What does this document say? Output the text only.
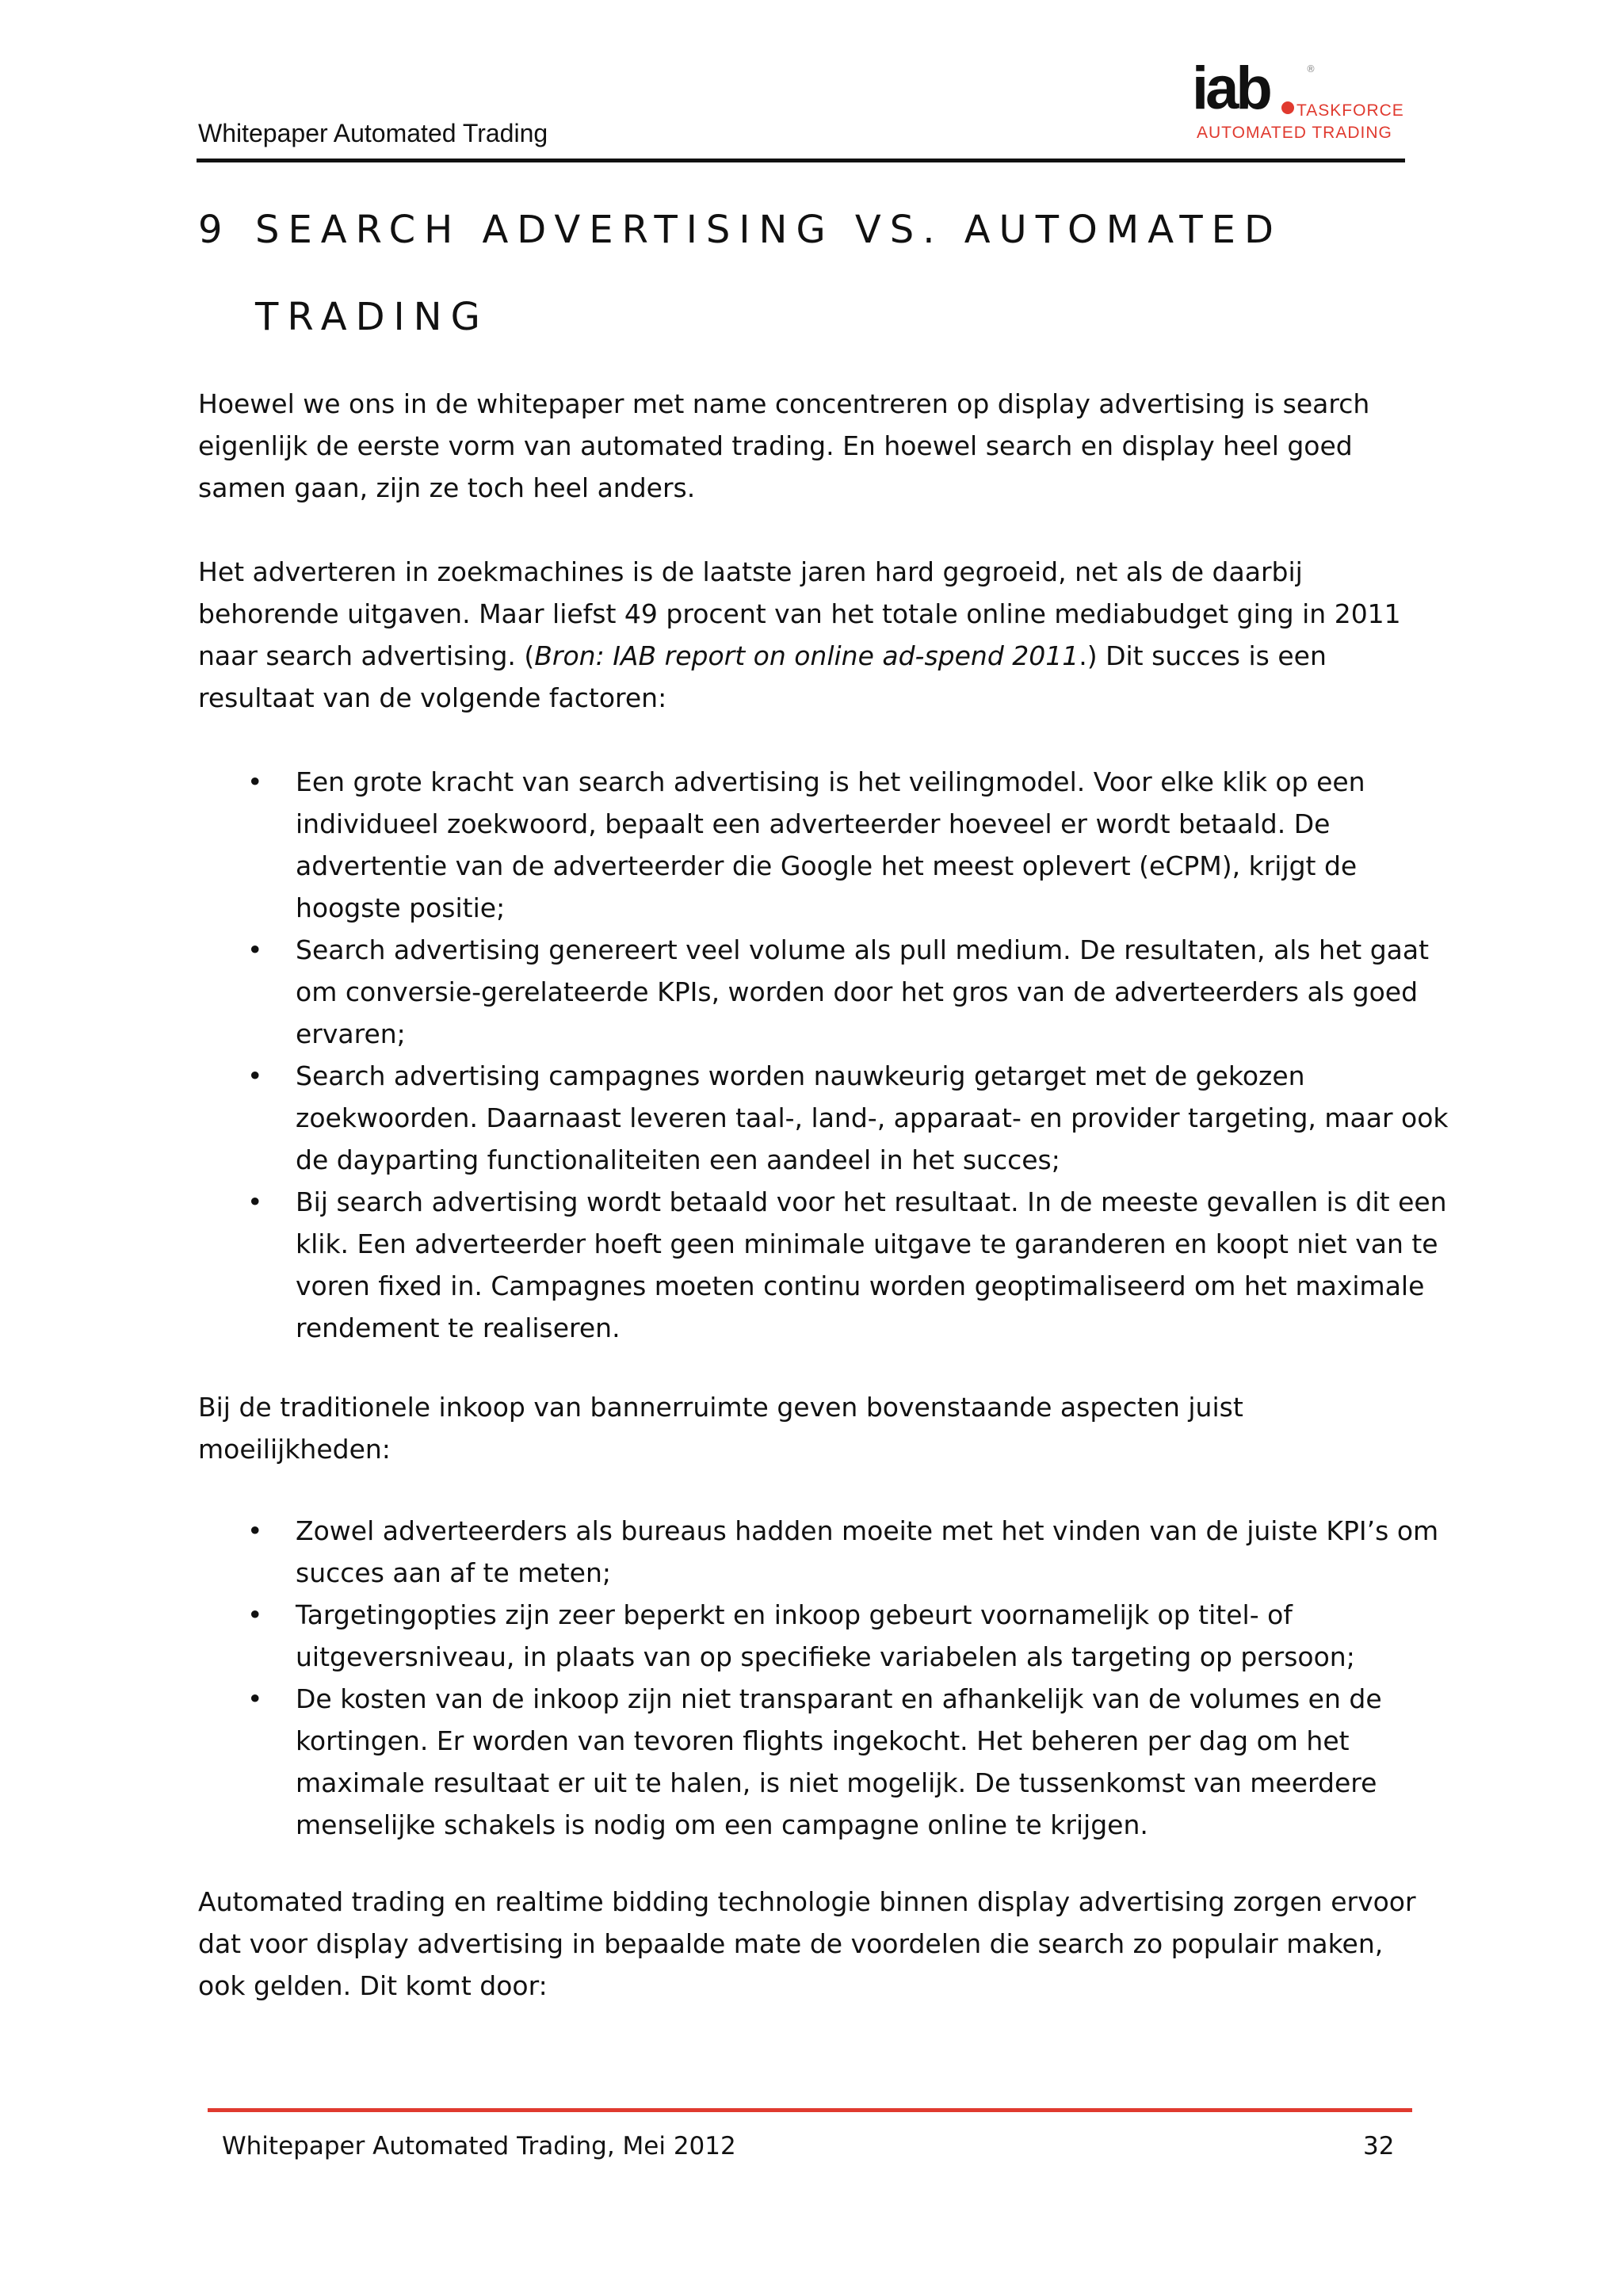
Whitepaper Automated Trading
iab	®
TASKFORCE
AUTOMATED TRADING
9 SEARCH ADVERTISING VS. AUTOMATED
TRADING

Hoewel we ons in de whitepaper met name concentreren op display advertising is search eigenlijk de eerste vorm van automated trading. En hoewel search en display heel goed samen gaan, zijn ze toch heel anders.

Het adverteren in zoekmachines is de laatste jaren hard gegroeid, net als de daarbij behorende uitgaven. Maar liefst 49 procent van het totale online mediabudget ging in 2011 naar search advertising. (Bron: IAB report on online ad-spend 2011.) Dit succes is een resultaat van de volgende factoren:

• Een grote kracht van search advertising is het veilingmodel. Voor elke klik op een individueel zoekwoord, bepaalt een adverteerder hoeveel er wordt betaald. De advertentie van de adverteerder die Google het meest oplevert (eCPM), krijgt de hoogste positie;
• Search advertising genereert veel volume als pull medium. De resultaten, als het gaat om conversie-gerelateerde KPIs, worden door het gros van de adverteerders als goed ervaren;
• Search advertising campagnes worden nauwkeurig getarget met de gekozen zoekwoorden. Daarnaast leveren taal-, land-, apparaat- en provider targeting, maar ook de dayparting functionaliteiten een aandeel in het succes;
• Bij search advertising wordt betaald voor het resultaat. In de meeste gevallen is dit een klik. Een adverteerder hoeft geen minimale uitgave te garanderen en koopt niet van te voren fixed in. Campagnes moeten continu worden geoptimaliseerd om het maximale rendement te realiseren.

Bij de traditionele inkoop van bannerruimte geven bovenstaande aspecten juist moeilijkheden:

• Zowel adverteerders als bureaus hadden moeite met het vinden van de juiste KPI’s om succes aan af te meten;
• Targetingopties zijn zeer beperkt en inkoop gebeurt voornamelijk op titel- of uitgeversniveau, in plaats van op specifieke variabelen als targeting op persoon;
• De kosten van de inkoop zijn niet transparant en afhankelijk van de volumes en de kortingen. Er worden van tevoren flights ingekocht. Het beheren per dag om het maximale resultaat er uit te halen, is niet mogelijk. De tussenkomst van meerdere menselijke schakels is nodig om een campagne online te krijgen.

Automated trading en realtime bidding technologie binnen display advertising zorgen ervoor dat voor display advertising in bepaalde mate de voordelen die search zo populair maken, ook gelden. Dit komt door:

Whitepaper Automated Trading, Mei 2012	32
